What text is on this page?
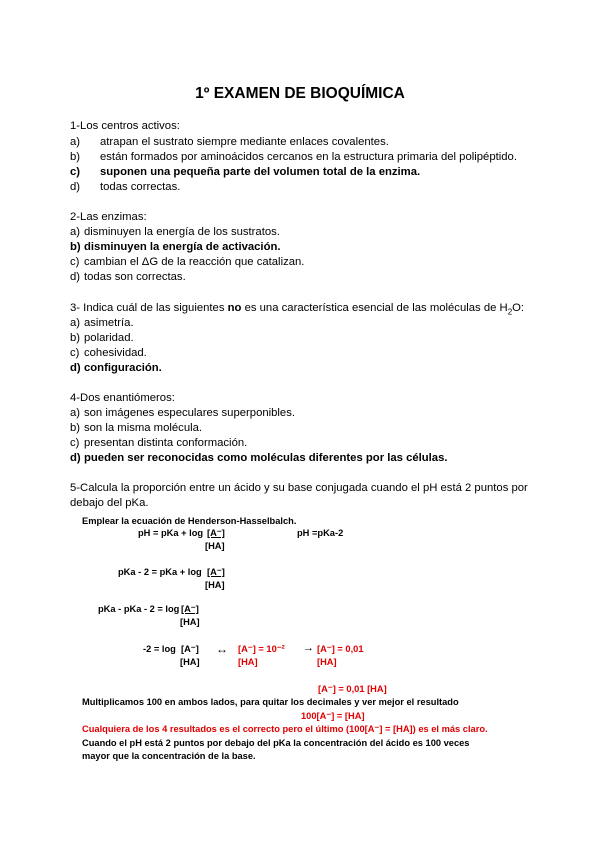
1º EXAMEN DE BIOQUÍMICA
1-Los centros activos:
a) atrapan el sustrato siempre mediante enlaces covalentes.
b) están formados por aminoácidos cercanos en la estructura primaria del polipéptido.
c) suponen una pequeña parte del volumen total de la enzima.
d) todas correctas.
2-Las enzimas:
a) disminuyen la energía de los sustratos.
b) disminuyen la energía de activación.
c) cambian el ΔG de la reacción que catalizan.
d) todas son correctas.
3- Indica cuál de las siguientes no es una característica esencial de las moléculas de $H_2O$:
a) asimetría.
b) polaridad.
c) cohesividad.
d) configuración.
4-Dos enantiómeros:
a) son imágenes especulares superponibles.
b) son la misma molécula.
c) presentan distinta conformación.
d) pueden ser reconocidas como moléculas diferentes por las células.
5-Calcula la proporción entre un ácido y su base conjugada cuando el pH está 2 puntos por
debajo del pKa.
Emplear la ecuación de Henderson-Hasselbalch.
pH = pKa + log [A⁻]
[HA]
pH =pKa-2
pKa - 2 = pKa + log [A⁻]
[HA]
pKa - pKa - 2 = log [A⁻]
[HA]
-2 = log [A⁻]
[HA]
↔ [A⁻] = 10⁻²
[HA]
→ [A⁻] = 0,01
[HA]
[A⁻] = 0,01 [HA]
Multiplicamos 100 en ambos lados, para quitar los decimales y ver mejor el resultado
100[A⁻] = [HA]
Cualquiera de los 4 resultados es el correcto pero el último (100[A⁻] = [HA]) es el más claro.
Cuando el pH está 2 puntos por debajo del pKa la concentración del ácido es 100 veces
mayor que la concentración de la base.
